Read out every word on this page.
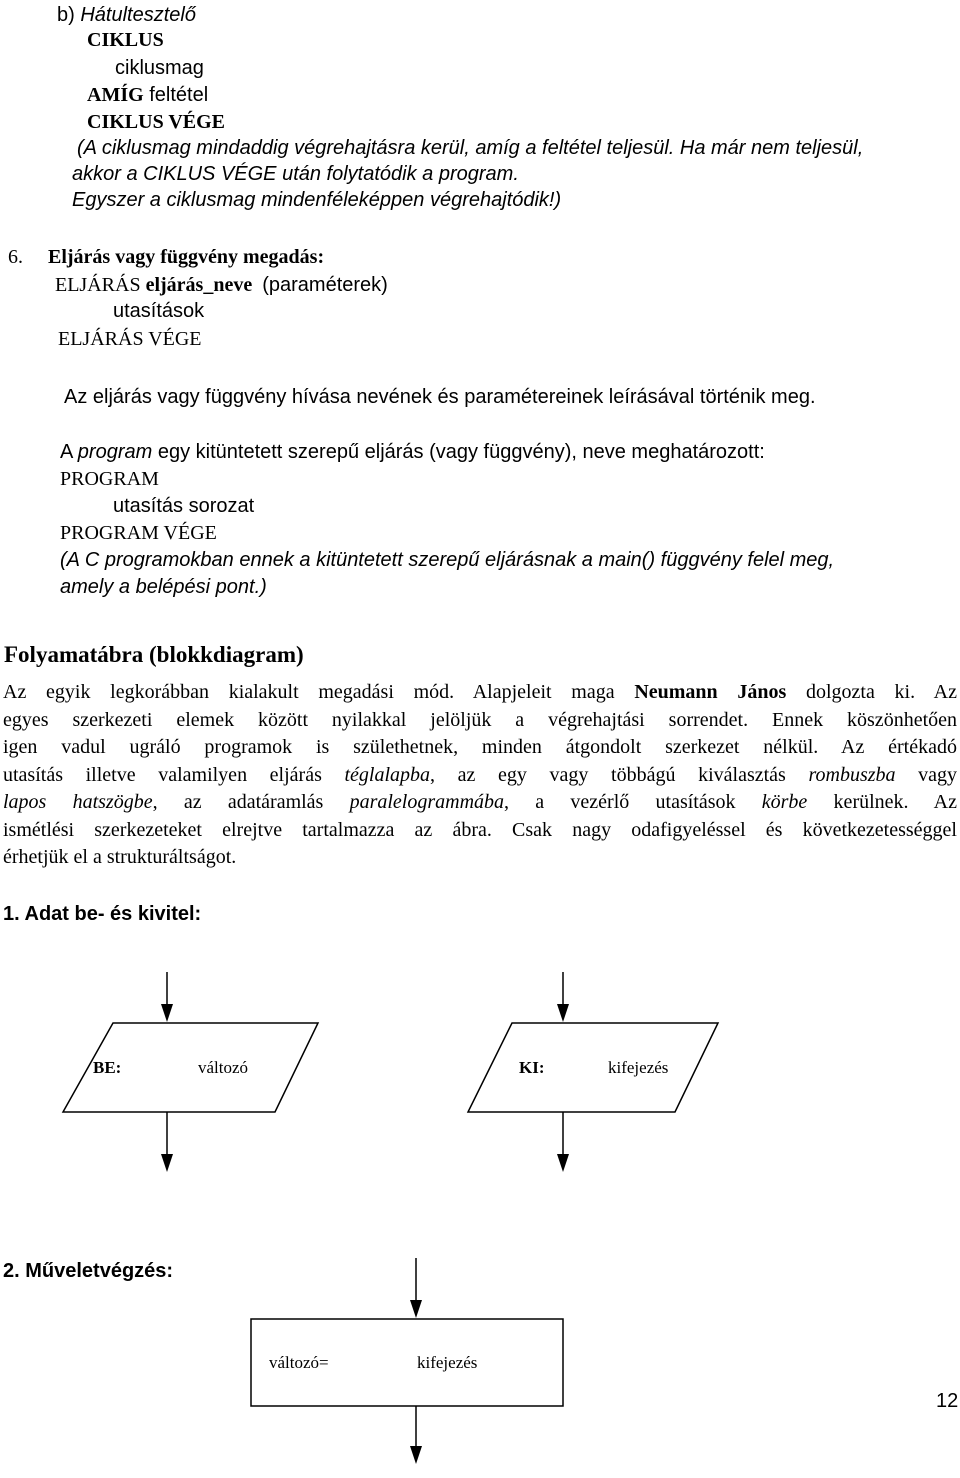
b) Hátultesztelő
CIKLUS
ciklusmag
AMÍG feltétel
CIKLUS VÉGE
(A ciklusmag mindaddig végrehajtásra kerül, amíg a feltétel teljesül. Ha már nem teljesül,
akkor a CIKLUS VÉGE után folytatódik a program.
Egyszer a ciklusmag mindenféleképpen végrehajtódik!)
6. Eljárás vagy függvény megadás:
ELJÁRÁS eljárás_neve (paraméterek)
utasítások
ELJÁRÁS VÉGE
Az eljárás vagy függvény hívása nevének és paramétereinek leírásával történik meg.
A program egy kitüntetett szerepű eljárás (vagy függvény), neve meghatározott:
PROGRAM
utasítás sorozat
PROGRAM VÉGE
(A C programokban ennek a kitüntetett szerepű eljárásnak a main() függvény felel meg,
amely a belépési pont.)
Folyamatábra (blokkdiagram)
Az egyik legkorábban kialakult megadási mód. Alapjeleit maga Neumann János dolgozta ki. Az
egyes szerkezeti elemek között nyilakkal jelöljük a végrehajtási sorrendet. Ennek köszönhetően
igen vadul ugráló programok is születhetnek, minden átgondolt szerkezet nélkül. Az értékadó
utasítás illetve valamilyen eljárás téglalapba, az egy vagy többágú kiválasztás rombuszba vagy
lapos hatszögbe, az adatáramlás paralelogrammába, a vezérlő utasítások körbe kerülnek. Az
ismétlési szerkezeteket elrejtve tartalmazza az ábra. Csak nagy odafigyeléssel és következetességgel
érhetjük el a strukturáltságot.
1. Adat be- és kivitel:
2. Műveletvégzés:
BE:	változó	KI:	kifejezés
változó=	kifejezés
12
